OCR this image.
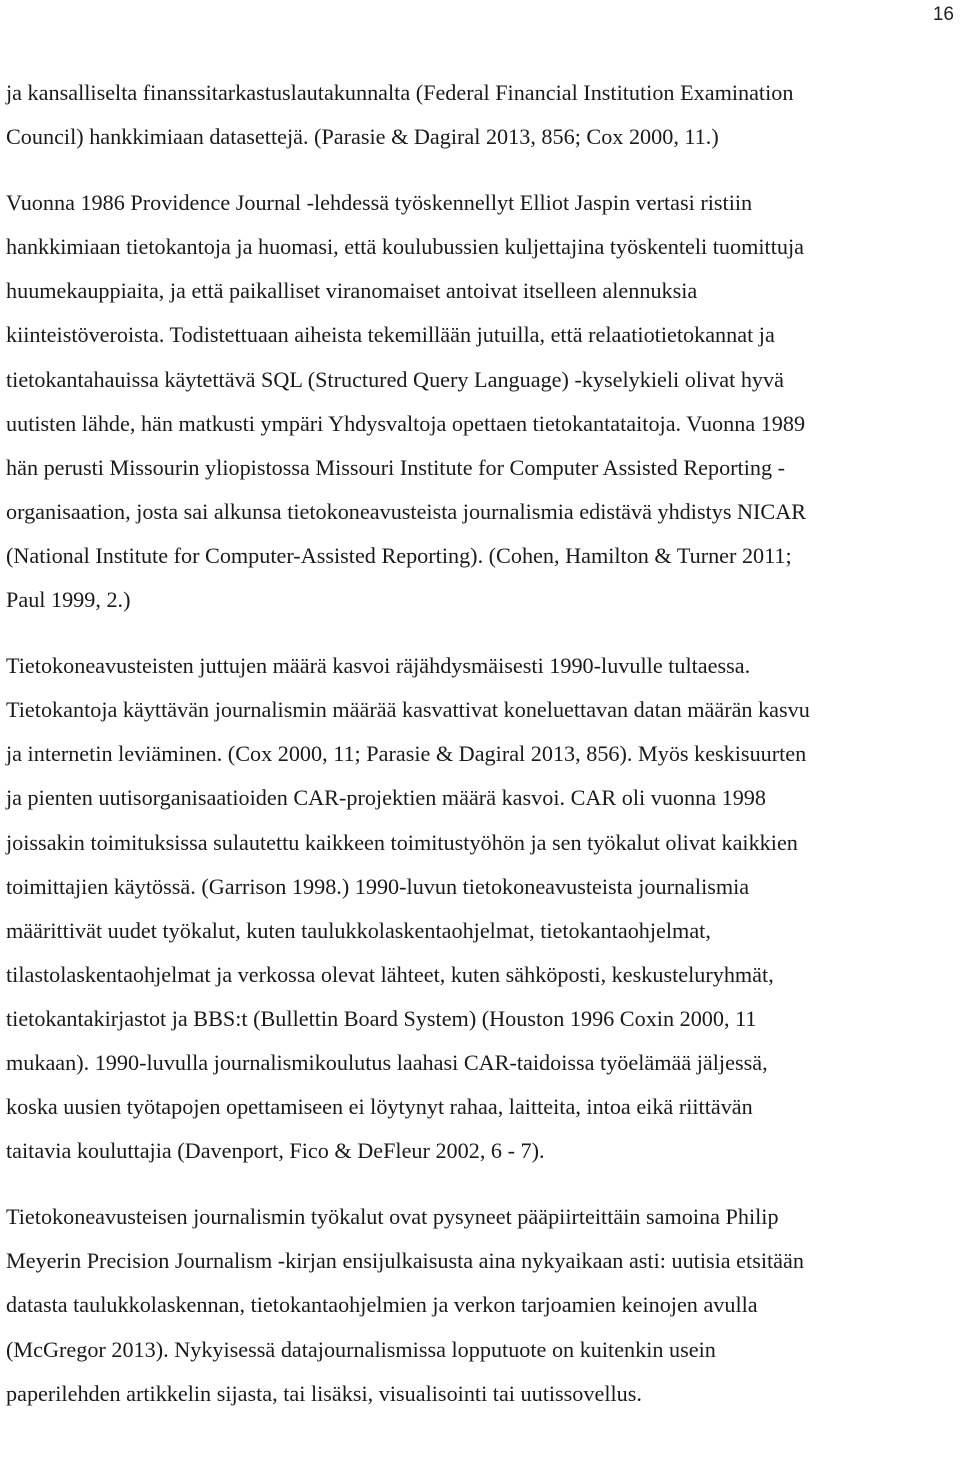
16

ja kansalliselta finanssitarkastuslautakunnalta (Federal Financial Institution Examination
Council) hankkimiaan datasettejä. (Parasie & Dagiral 2013, 856; Cox 2000, 11.)

Vuonna 1986 Providence Journal -lehdessä työskennellyt Elliot Jaspin vertasi ristiin
hankkimiaan tietokantoja ja huomasi, että koulubussien kuljettajina työskenteli tuomittuja
huumekauppiaita, ja että paikalliset viranomaiset antoivat itselleen alennuksia
kiinteistöveroista. Todistettuaan aiheista tekemillään jutuilla, että relaatiotietokannat ja
tietokantahauissa käytettävä SQL (Structured Query Language) -kyselykieli olivat hyvä
uutisten lähde, hän matkusti ympäri Yhdysvaltoja opettaen tietokantataitoja. Vuonna 1989
hän perusti Missourin yliopistossa Missouri Institute for Computer Assisted Reporting -
organisaation, josta sai alkunsa tietokoneavusteista journalismia edistävä yhdistys NICAR
(National Institute for Computer-Assisted Reporting). (Cohen, Hamilton & Turner 2011;
Paul 1999, 2.)

Tietokoneavusteisten juttujen määrä kasvoi räjähdysmäisesti 1990-luvulle tultaessa.
Tietokantoja käyttävän journalismin määrää kasvattivat koneluettavan datan määrän kasvu
ja internetin leviäminen. (Cox 2000, 11; Parasie & Dagiral 2013, 856). Myös keskisuurten
ja pienten uutisorganisaatioiden CAR-projektien määrä kasvoi. CAR oli vuonna 1998
joissakin toimituksissa sulautettu kaikkeen toimitustyöhön ja sen työkalut olivat kaikkien
toimittajien käytössä. (Garrison 1998.) 1990-luvun tietokoneavusteista journalismia
määrittivät uudet työkalut, kuten taulukkolaskentaohjelmat, tietokantaohjelmat,
tilastolaskentaohjelmat ja verkossa olevat lähteet, kuten sähköposti, keskusteluryhmät,
tietokantakirjastot ja BBS:t (Bullettin Board System) (Houston 1996 Coxin 2000, 11
mukaan). 1990-luvulla journalismikoulutus laahasi CAR-taidoissa työelämää jäljessä,
koska uusien työtapojen opettamiseen ei löytynyt rahaa, laitteita, intoa eikä riittävän
taitavia kouluttajia (Davenport, Fico & DeFleur 2002, 6 - 7).

Tietokoneavusteisen journalismin työkalut ovat pysyneet pääpiirteittäin samoina Philip
Meyerin Precision Journalism -kirjan ensijulkaisusta aina nykyaikaan asti: uutisia etsitään
datasta taulukkolaskennan, tietokantaohjelmien ja verkon tarjoamien keinojen avulla
(McGregor 2013). Nykyisessä datajournalismissa lopputuote on kuitenkin usein
paperilehden artikkelin sijasta, tai lisäksi, visualisointi tai uutissovellus.
